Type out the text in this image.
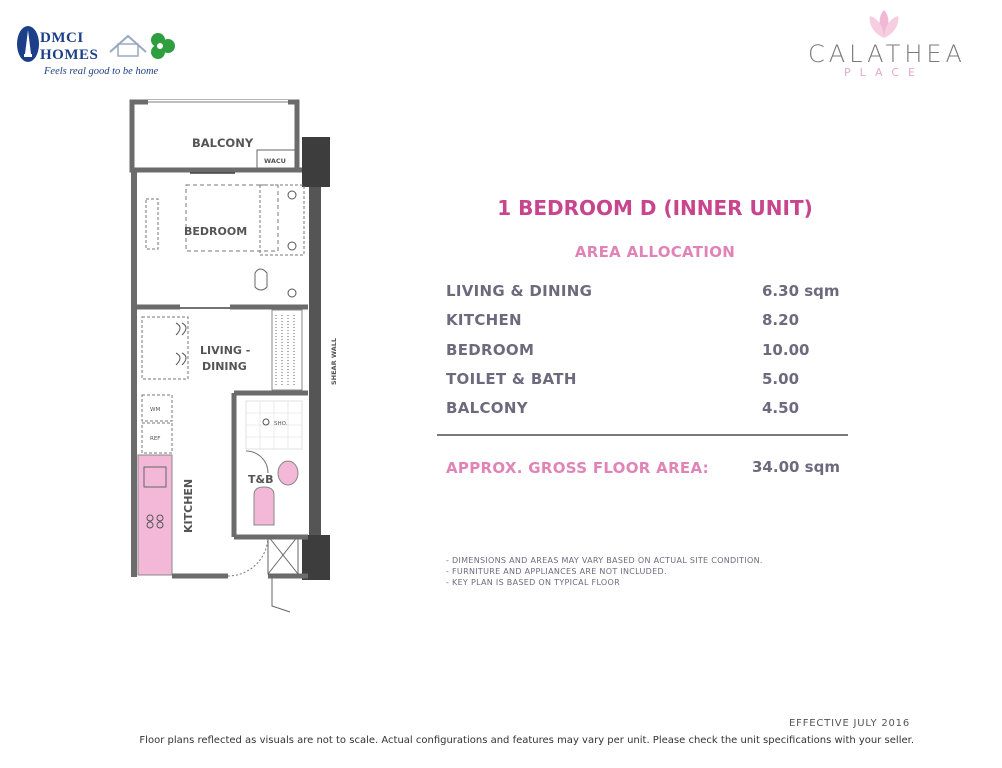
DMCI
HOMES
Feels real good to be home
CALATHEA
PLACE
BALCONY
WACU
SHEAR WALL
BEDROOM
LIVING -
DINING
WM
REF
KITCHEN
SHO.
T&B
1 BEDROOM D (INNER UNIT)
AREA ALLOCATION
LIVING & DINING	6.30 sqm
KITCHEN	8.20
BEDROOM	10.00
TOILET & BATH	5.00
BALCONY	4.50
APPROX. GROSS FLOOR AREA:	34.00 sqm
- DIMENSIONS AND AREAS MAY VARY BASED ON ACTUAL SITE CONDITION.
- FURNITURE AND APPLIANCES ARE NOT INCLUDED.
- KEY PLAN IS BASED ON TYPICAL FLOOR
EFFECTIVE JULY 2016
Floor plans reflected as visuals are not to scale. Actual configurations and features may vary per unit. Please check the unit specifications with your seller.
